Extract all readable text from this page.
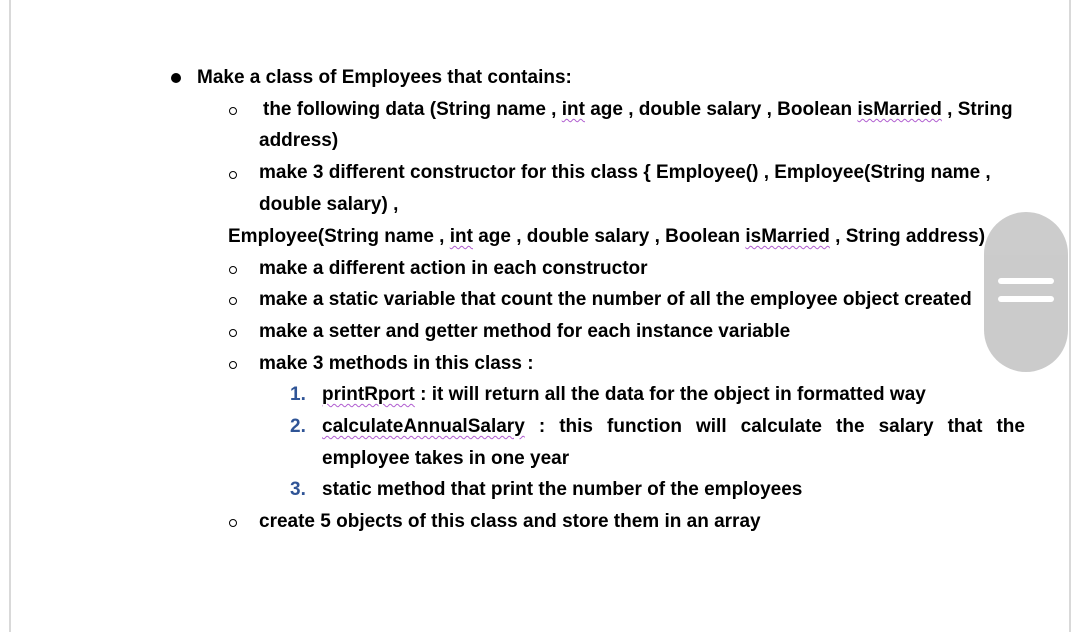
Make a class of Employees that contains:
the following data (String name , int age , double salary , Boolean isMarried , String
address)
make 3 different constructor for this class { Employee() , Employee(String name ,
double salary) ,
Employee(String name , int age , double salary , Boolean isMarried , String address)
make a different action in each constructor
make a static variable that count the number of all the employee object created
make a setter and getter method for each instance variable
make 3 methods in this class :
1. printRport : it will return all the data for the object in formatted way
2. calculateAnnualSalary : this function will calculate the salary that the
employee takes in one year
3. static method that print the number of the employees
create 5 objects of this class and store them in an array
